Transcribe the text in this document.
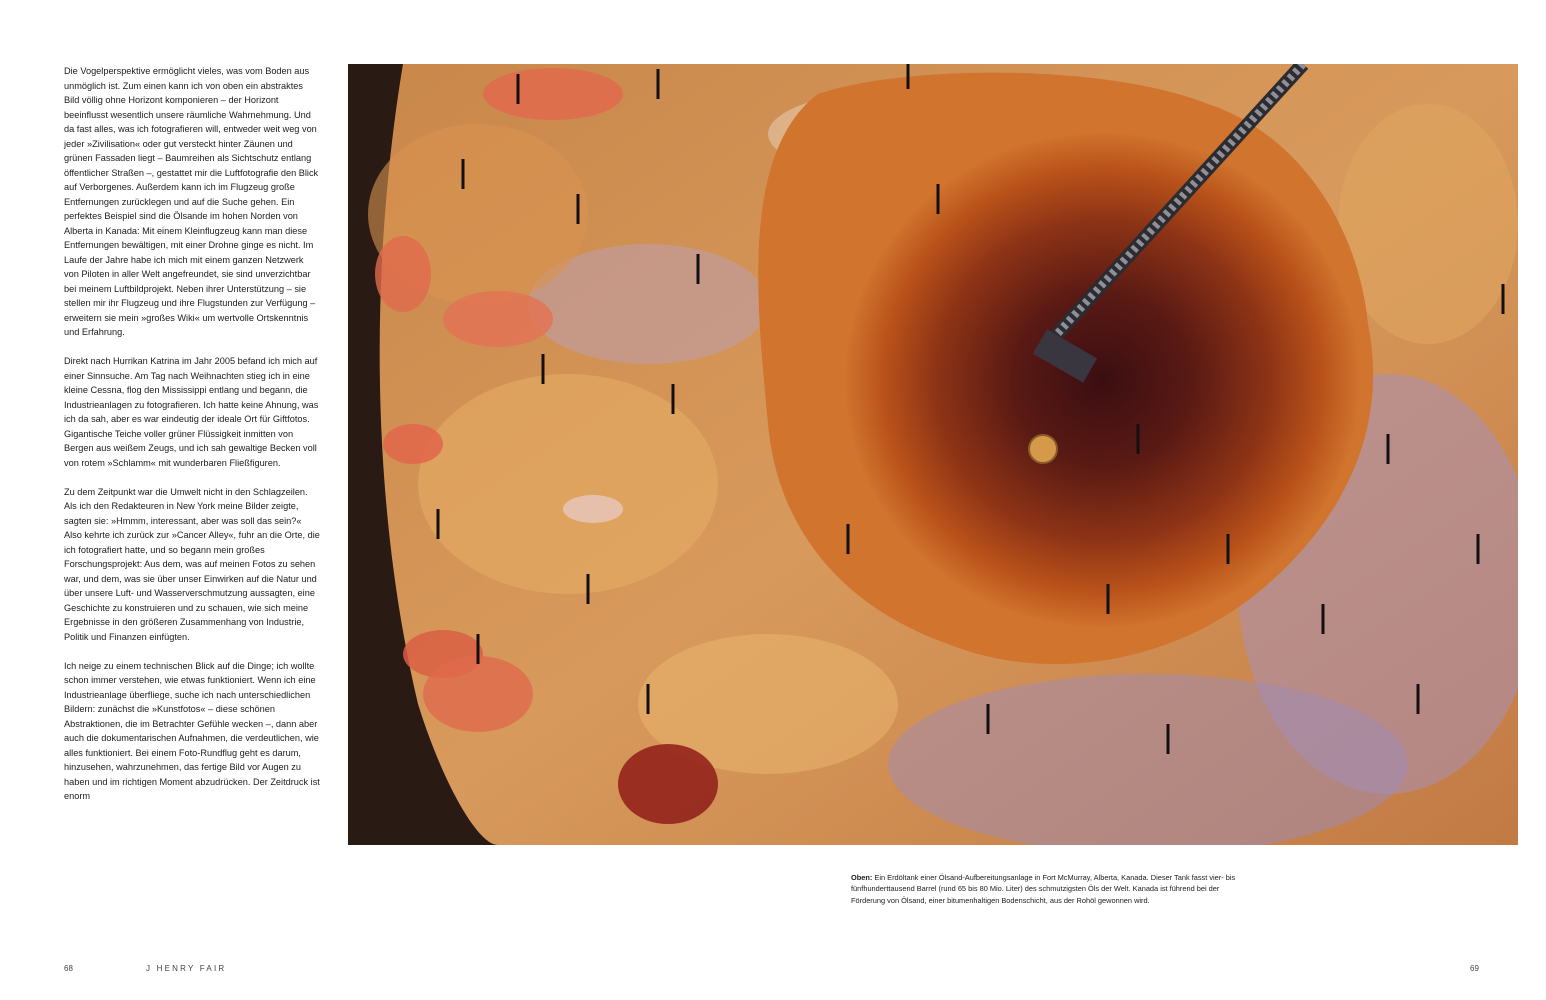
Die Vogelperspektive ermöglicht vieles, was vom Boden aus unmöglich ist. Zum einen kann ich von oben ein abstraktes Bild völlig ohne Horizont komponieren – der Horizont beeinflusst wesentlich unsere räumliche Wahrnehmung. Und da fast alles, was ich fotografieren will, entweder weit weg von jeder »Zivilisation« oder gut versteckt hinter Zäunen und grünen Fassaden liegt – Baumreihen als Sichtschutz entlang öffentlicher Straßen –, gestattet mir die Luftfotografie den Blick auf Verborgenes. Außerdem kann ich im Flugzeug große Entfernungen zurücklegen und auf die Suche gehen. Ein perfektes Beispiel sind die Ölsande im hohen Norden von Alberta in Kanada: Mit einem Kleinflugzeug kann man diese Entfernungen bewältigen, mit einer Drohne ginge es nicht. Im Laufe der Jahre habe ich mich mit einem ganzen Netzwerk von Piloten in aller Welt angefreundet, sie sind unverzichtbar bei meinem Luftbildprojekt. Neben ihrer Unterstützung – sie stellen mir ihr Flugzeug und ihre Flugstunden zur Verfügung – erweitern sie mein »großes Wiki« um wertvolle Ortskenntnis und Erfahrung.

Direkt nach Hurrikan Katrina im Jahr 2005 befand ich mich auf einer Sinnsuche. Am Tag nach Weihnachten stieg ich in eine kleine Cessna, flog den Mississippi entlang und begann, die Industrieanlagen zu fotografieren. Ich hatte keine Ahnung, was ich da sah, aber es war eindeutig der ideale Ort für Giftfotos. Gigantische Teiche voller grüner Flüssigkeit inmitten von Bergen aus weißem Zeugs, und ich sah gewaltige Becken voll von rotem »Schlamm« mit wunderbaren Fließfiguren.

Zu dem Zeitpunkt war die Umwelt nicht in den Schlagzeilen. Als ich den Redakteuren in New York meine Bilder zeigte, sagten sie: »Hmmm, interessant, aber was soll das sein?« Also kehrte ich zurück zur »Cancer Alley«, fuhr an die Orte, die ich fotografiert hatte, und so begann mein großes Forschungsprojekt: Aus dem, was auf meinen Fotos zu sehen war, und dem, was sie über unser Einwirken auf die Natur und über unsere Luft- und Wasserverschmutzung aussagten, eine Geschichte zu konstruieren und zu schauen, wie sich meine Ergebnisse in den größeren Zusammenhang von Industrie, Politik und Finanzen einfügten.

Ich neige zu einem technischen Blick auf die Dinge; ich wollte schon immer verstehen, wie etwas funktioniert. Wenn ich eine Industrieanlage überfliege, suche ich nach unterschiedlichen Bildern: zunächst die »Kunstfotos« – diese schönen Abstraktionen, die im Betrachter Gefühle wecken –, dann aber auch die dokumentarischen Aufnahmen, die verdeutlichen, wie alles funktioniert. Bei einem Foto-Rundflug geht es darum, hinzusehen, wahrzunehmen, das fertige Bild vor Augen zu haben und im richtigen Moment abzudrücken. Der Zeitdruck ist enorm

Oben: Ein Erdöltank einer Ölsand-Aufbereitungsanlage in Fort McMurray, Alberta, Kanada. Dieser Tank fasst vier- bis fünfhunderttausend Barrel (rund 65 bis 80 Mio. Liter) des schmutzigsten Öls der Welt. Kanada ist führend bei der Förderung von Ölsand, einer bitumenhaltigen Bodenschicht, aus der Rohöl gewonnen wird.
68	J HENRY FAIR	69
